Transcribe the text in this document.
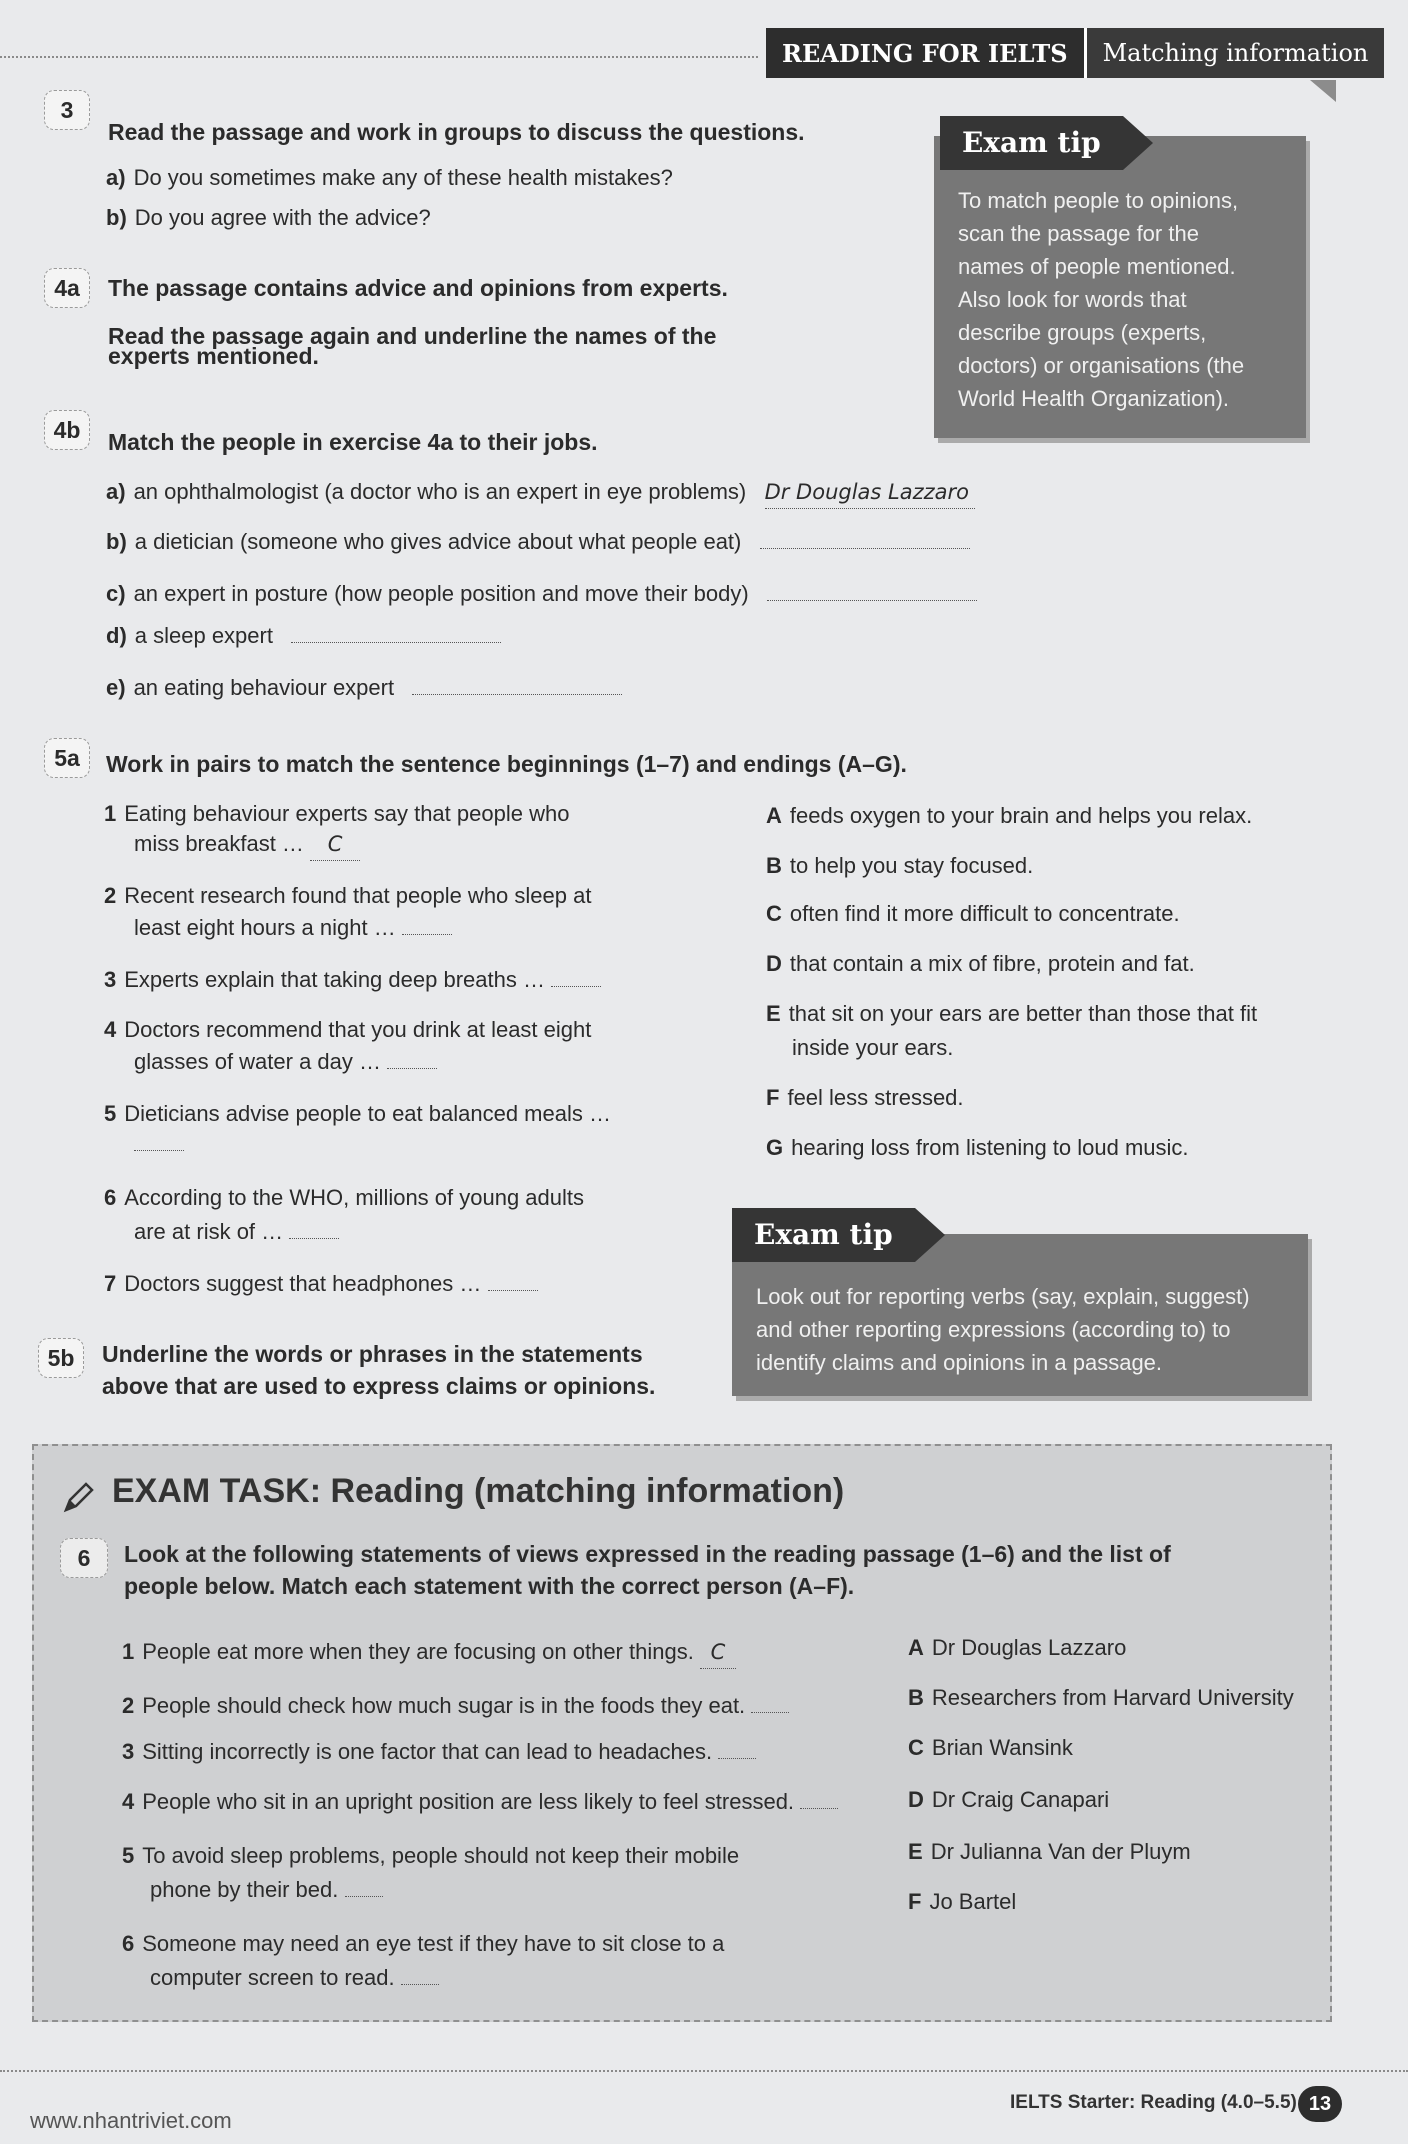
READING FOR IELTS	Matching information
3
Read the passage and work in groups to discuss the questions.
a) Do you sometimes make any of these health mistakes?
b) Do you agree with the advice?
4a	The passage contains advice and opinions from experts.
Read the passage again and underline the names of the
experts mentioned.
To match people to opinions,
scan the passage for the
names of people mentioned.
Also look for words that
describe groups (experts,
doctors) or organisations (the
World Health Organization).
Exam tip
4b	Match the people in exercise 4a to their jobs.
a) an ophthalmologist (a doctor who is an expert in eye problems) Dr Douglas Lazzaro
b) a dietician (someone who gives advice about what people eat)
c) an expert in posture (how people position and move their body)
d) a sleep expert
e) an eating behaviour expert
5a	Work in pairs to match the sentence beginnings (1–7) and endings (A–G).
1 Eating behaviour experts say that people who
miss breakfast … C
2 Recent research found that people who sleep at
least eight hours a night …
3 Experts explain that taking deep breaths …
4 Doctors recommend that you drink at least eight
glasses of water a day …
5 Dieticians advise people to eat balanced meals …
6 According to the WHO, millions of young adults
are at risk of …
7 Doctors suggest that headphones …
A feeds oxygen to your brain and helps you relax.
B to help you stay focused.
C often find it more difficult to concentrate.
D that contain a mix of fibre, protein and fat.
E that sit on your ears are better than those that fit
inside your ears.
F feel less stressed.
G hearing loss from listening to loud music.
5b	Underline the words or phrases in the statements
above that are used to express claims or opinions.
Look out for reporting verbs (say, explain, suggest)
and other reporting expressions (according to) to
identify claims and opinions in a passage.
Exam tip
EXAM TASK: Reading (matching information)
6	Look at the following statements of views expressed in the reading passage (1–6) and the list of
people below. Match each statement with the correct person (A–F).
1 People eat more when they are focusing on other things. C
2 People should check how much sugar is in the foods they eat.
3 Sitting incorrectly is one factor that can lead to headaches.
4 People who sit in an upright position are less likely to feel stressed.
5 To avoid sleep problems, people should not keep their mobile
phone by their bed.
6 Someone may need an eye test if they have to sit close to a
computer screen to read.
A Dr Douglas Lazzaro
B Researchers from Harvard University
C Brian Wansink
D Dr Craig Canapari
E Dr Julianna Van der Pluym
F Jo Bartel
www.nhantriviet.com
IELTS Starter: Reading (4.0–5.5) 13
